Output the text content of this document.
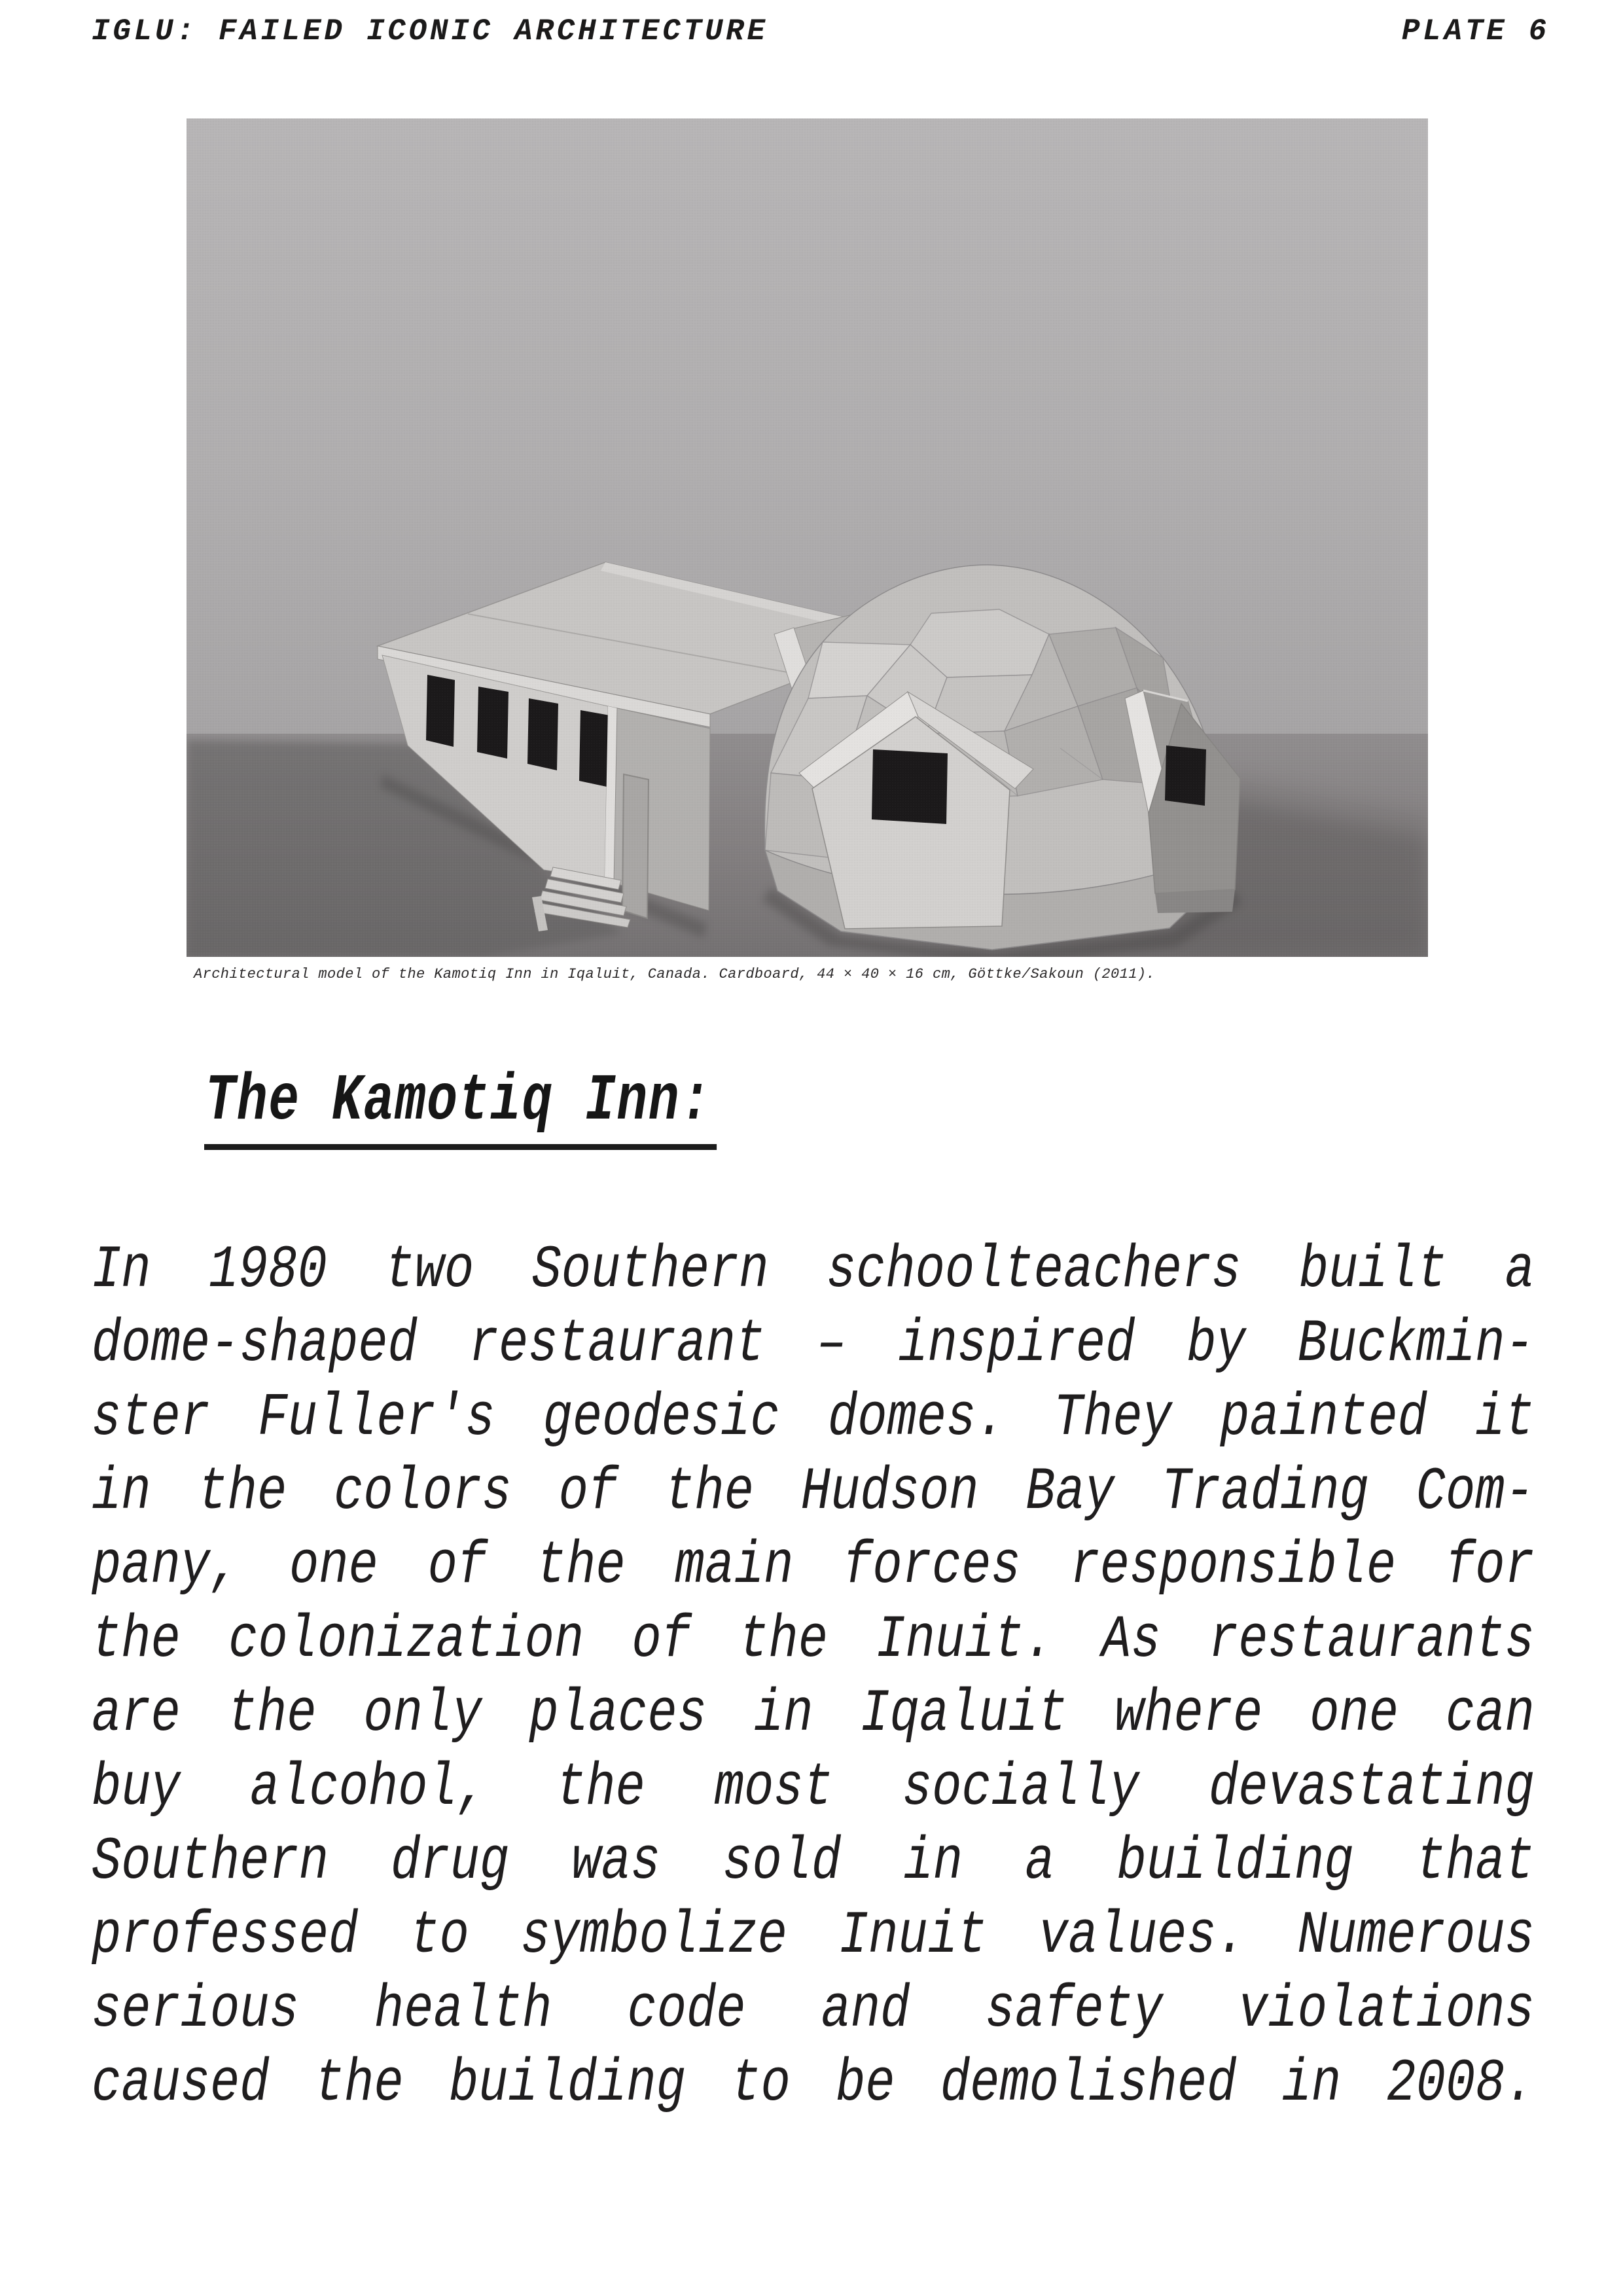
IGLU: FAILED ICONIC ARCHITECTURE	PLATE 6
Architectural model of the Kamotiq Inn in Iqaluit, Canada. Cardboard, 44 × 40 × 16 cm, Göttke/Sakoun (2011).
The Kamotiq Inn:
In 1980 two Southern schoolteachers built a
dome-shaped restaurant – inspired by Buckmin-
ster Fuller's geodesic domes. They painted it
in the colors of the Hudson Bay Trading Com-
pany, one of the main forces responsible for
the colonization of the Inuit. As restaurants
are the only places in Iqaluit where one can
buy alcohol, the most socially devastating
Southern drug was sold in a building that
professed to symbolize Inuit values. Numerous
serious health code and safety violations
caused the building to be demolished in 2008.
